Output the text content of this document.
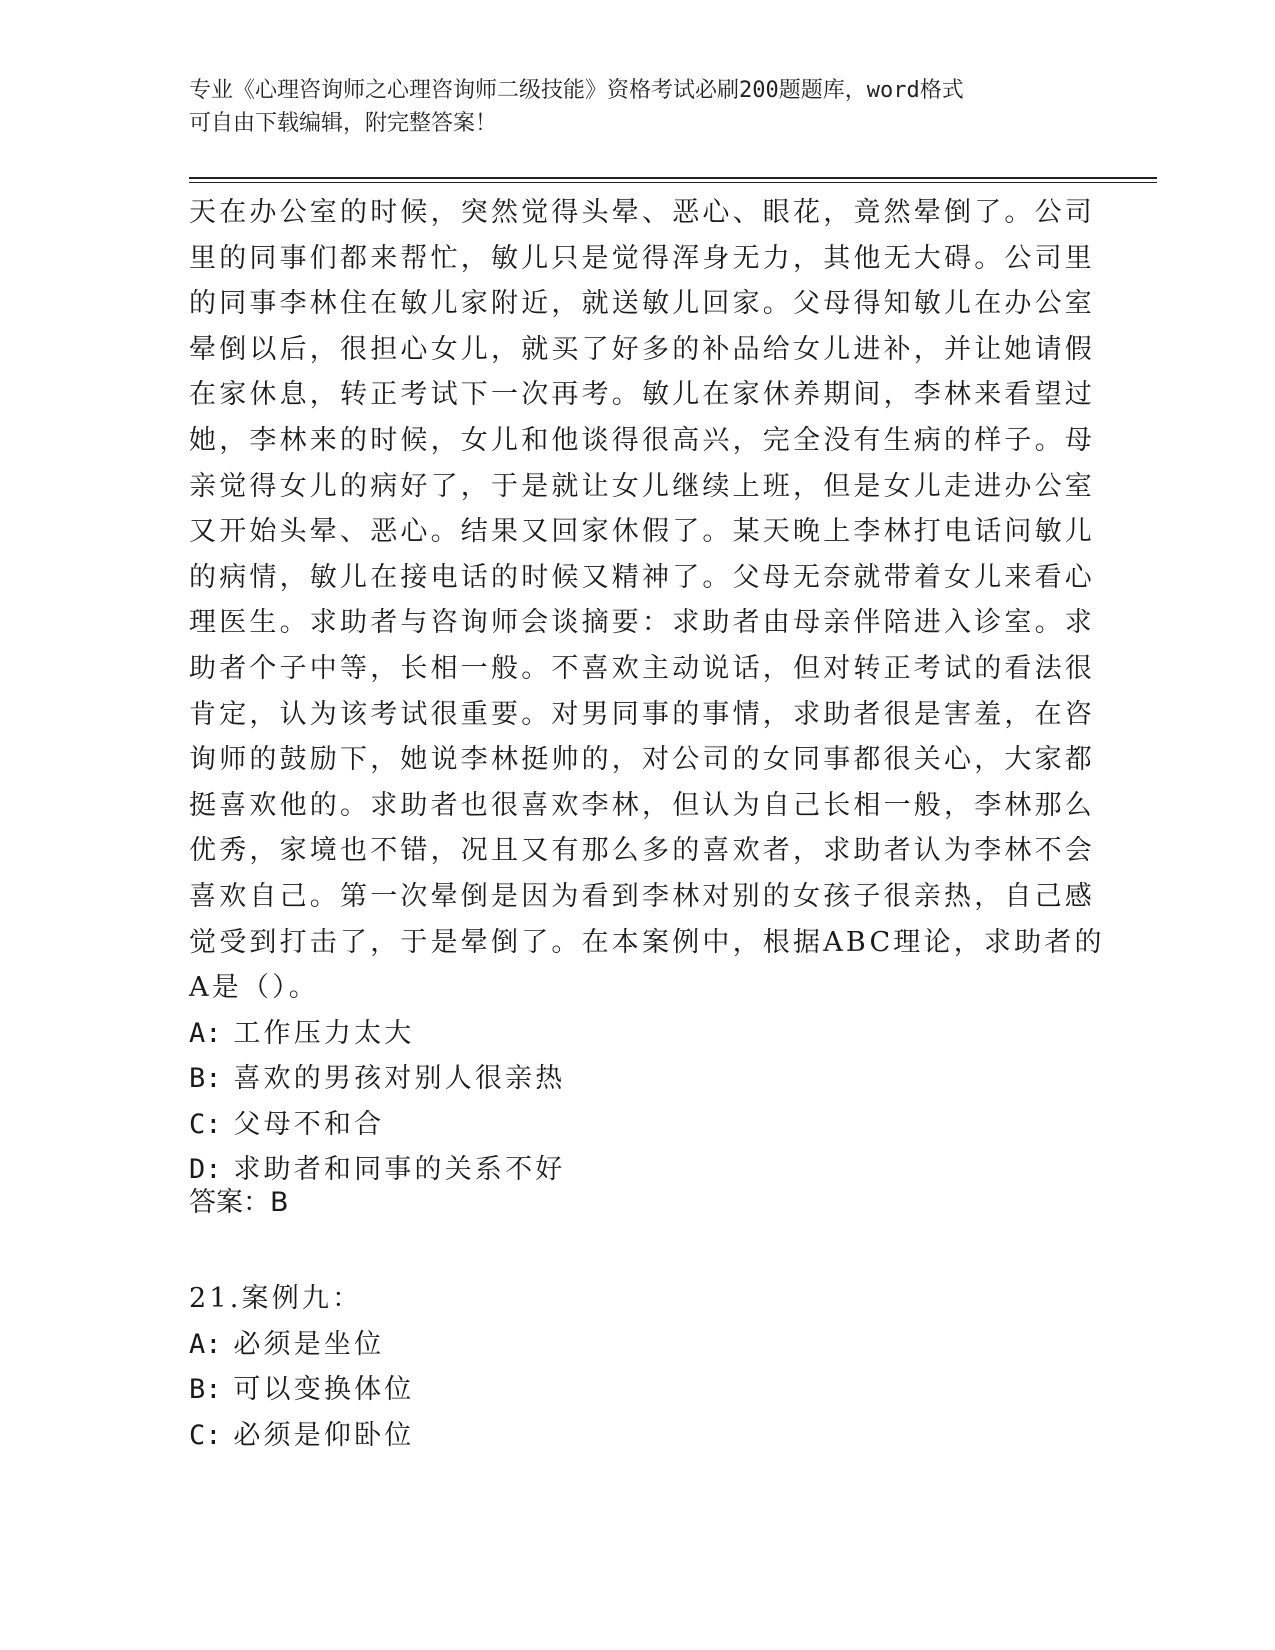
专业《心理咨询师之心理咨询师二级技能》资格考试必刷200题题库，word格式
可自由下载编辑，附完整答案！
天在办公室的时候，突然觉得头晕、恶心、眼花，竟然晕倒了。公司
里的同事们都来帮忙，敏儿只是觉得浑身无力，其他无大碍。公司里
的同事李林住在敏儿家附近，就送敏儿回家。父母得知敏儿在办公室
晕倒以后，很担心女儿，就买了好多的补品给女儿进补，并让她请假
在家休息，转正考试下一次再考。敏儿在家休养期间，李林来看望过
她，李林来的时候，女儿和他谈得很高兴，完全没有生病的样子。母
亲觉得女儿的病好了，于是就让女儿继续上班，但是女儿走进办公室
又开始头晕、恶心。结果又回家休假了。某天晚上李林打电话问敏儿
的病情，敏儿在接电话的时候又精神了。父母无奈就带着女儿来看心
理医生。求助者与咨询师会谈摘要：求助者由母亲伴陪进入诊室。求
助者个子中等，长相一般。不喜欢主动说话，但对转正考试的看法很
肯定，认为该考试很重要。对男同事的事情，求助者很是害羞，在咨
询师的鼓励下，她说李林挺帅的，对公司的女同事都很关心，大家都
挺喜欢他的。求助者也很喜欢李林，但认为自己长相一般，李林那么
优秀，家境也不错，况且又有那么多的喜欢者，求助者认为李林不会
喜欢自己。第一次晕倒是因为看到李林对别的女孩子很亲热，自己感
觉受到打击了，于是晕倒了。在本案例中，根据ABC理论，求助者的
A是（）。
A: 工作压力太大
B: 喜欢的男孩对别人很亲热
C: 父母不和合
D: 求助者和同事的关系不好
答案：B
21.案例九：
A: 必须是坐位
B: 可以变换体位
C: 必须是仰卧位
